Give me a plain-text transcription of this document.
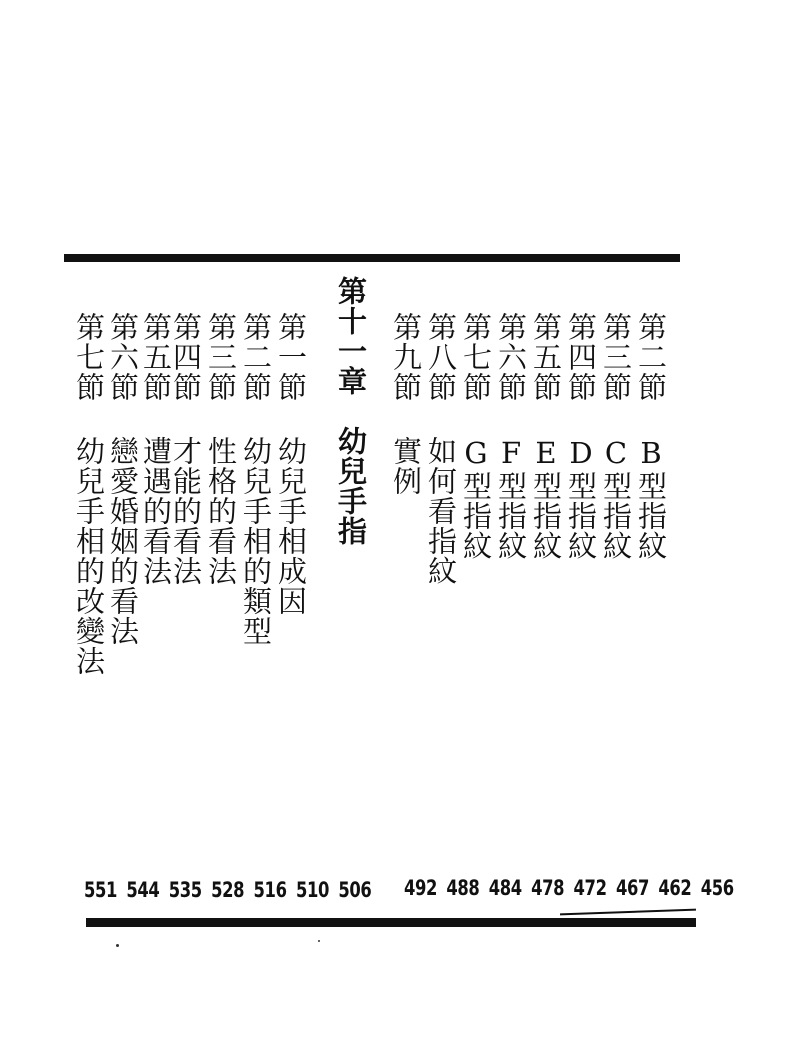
第二節B型指紋
第三節C型指紋
第四節D型指紋
第五節E型指紋
第六節F型指紋
第七節G型指紋
第八節如何看指紋
第九節實例
第十一章幼兒手指
第一節幼兒手相成因
第二節幼兒手相的類型
第三節性格的看法
第四節才能的看法
第五節遭遇的看法
第六節戀愛婚姻的看法
第七節幼兒手相的改變法
551 544 535 528 516 510 506	492 488 484 478 472 467 462 456
